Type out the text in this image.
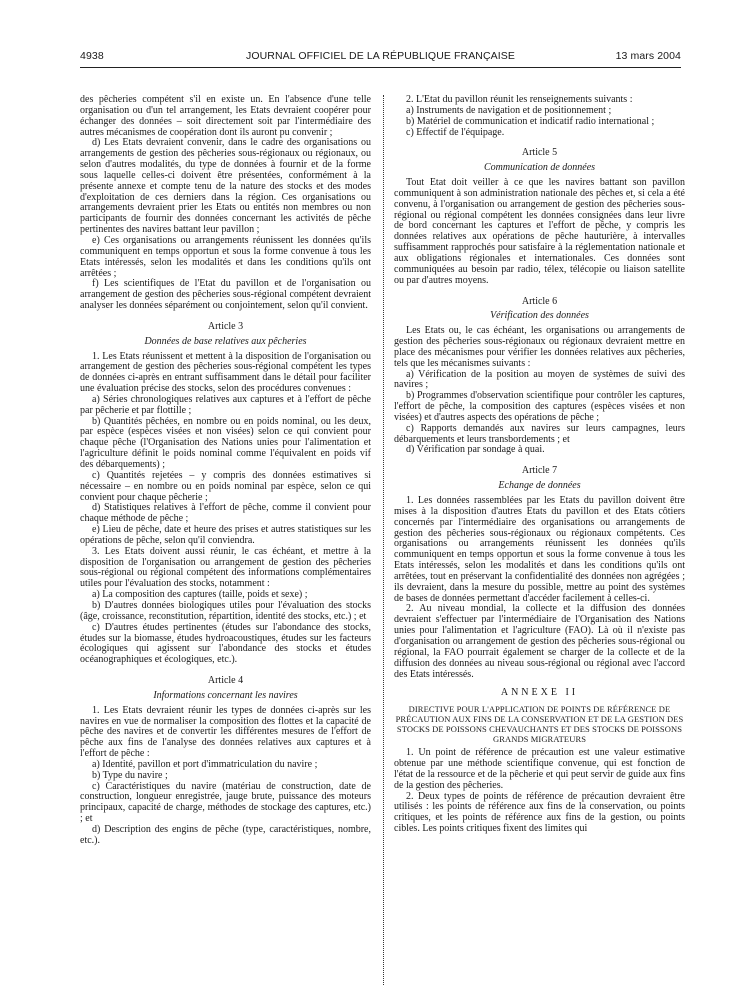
4938	JOURNAL OFFICIEL DE LA RÉPUBLIQUE FRANÇAISE	13 mars 2004

des pêcheries compétent s'il en existe un. En l'absence d'une telle organisation ou d'un tel arrangement, les Etats devraient coopérer pour échanger des données – soit directement soit par l'intermédiaire des autres mécanismes de coopération dont ils auront pu convenir ;

d) Les Etats devraient convenir, dans le cadre des organisations ou arrangements de gestion des pêcheries sous-régionaux ou régionaux, ou selon d'autres modalités, du type de données à fournir et de la forme sous laquelle celles-ci doivent être présentées, conformément à la présente annexe et compte tenu de la nature des stocks et des modes d'exploitation de ces derniers dans la région. Ces organisations ou arrangements devraient prier les Etats ou entités non membres ou non participants de fournir des données concernant les activités de pêche pertinentes des navires battant leur pavillon ;

e) Ces organisations ou arrangements réunissent les données qu'ils communiquent en temps opportun et sous la forme convenue à tous les Etats intéressés, selon les modalités et dans les conditions qu'ils ont arrêtées ;

f) Les scientifiques de l'Etat du pavillon et de l'organisation ou arrangement de gestion des pêcheries sous-régional compétent devraient analyser les données séparément ou conjointement, selon qu'il convient.

Article 3

Données de base relatives aux pêcheries

1. Les Etats réunissent et mettent à la disposition de l'organisation ou arrangement de gestion des pêcheries sous-régional compétent les types de données ci-après en entrant suffisamment dans le détail pour faciliter une évaluation précise des stocks, selon des procédures convenues :

a) Séries chronologiques relatives aux captures et à l'effort de pêche par pêcherie et par flottille ;

b) Quantités pêchées, en nombre ou en poids nominal, ou les deux, par espèce (espèces visées et non visées) selon ce qui convient pour chaque pêche (l'Organisation des Nations unies pour l'alimentation et l'agriculture définit le poids nominal comme l'équivalent en poids vif des débarquements) ;

c) Quantités rejetées – y compris des données estimatives si nécessaire – en nombre ou en poids nominal par espèce, selon ce qui convient pour chaque pêcherie ;

d) Statistiques relatives à l'effort de pêche, comme il convient pour chaque méthode de pêche ;

e) Lieu de pêche, date et heure des prises et autres statistiques sur les opérations de pêche, selon qu'il conviendra.

3. Les Etats doivent aussi réunir, le cas échéant, et mettre à la disposition de l'organisation ou arrangement de gestion des pêcheries sous-régional ou régional compétent des informations complémentaires utiles pour l'évaluation des stocks, notamment :

a) La composition des captures (taille, poids et sexe) ;

b) D'autres données biologiques utiles pour l'évaluation des stocks (âge, croissance, reconstitution, répartition, identité des stocks, etc.) ; et

c) D'autres études pertinentes (études sur l'abondance des stocks, études sur la biomasse, études hydroacoustiques, études sur les facteurs écologiques qui agissent sur l'abondance des stocks et études océanographiques et écologiques, etc.).

Article 4

Informations concernant les navires

1. Les Etats devraient réunir les types de données ci-après sur les navires en vue de normaliser la composition des flottes et la capacité de pêche des navires et de convertir les différentes mesures de l'effort de pêche aux fins de l'analyse des données relatives aux captures et à l'effort de pêche :

a) Identité, pavillon et port d'immatriculation du navire ;

b) Type du navire ;

c) Caractéristiques du navire (matériau de construction, date de construction, longueur enregistrée, jauge brute, puissance des moteurs principaux, capacité de charge, méthodes de stockage des captures, etc.) ; et

d) Description des engins de pêche (type, caractéristiques, nombre, etc.).

2. L'Etat du pavillon réunit les renseignements suivants :

a) Instruments de navigation et de positionnement ;

b) Matériel de communication et indicatif radio international ;

c) Effectif de l'équipage.

Article 5

Communication de données

Tout Etat doit veiller à ce que les navires battant son pavillon communiquent à son administration nationale des pêches et, si cela a été convenu, à l'organisation ou arrangement de gestion des pêcheries sous-régional ou régional compétent les données consignées dans leur livre de bord concernant les captures et l'effort de pêche, y compris les données relatives aux opérations de pêche hauturière, à intervalles suffisamment rapprochés pour satisfaire à la réglementation nationale et aux obligations régionales et internationales. Ces données sont communiquées au besoin par radio, télex, télécopie ou liaison satellite ou par d'autres moyens.

Article 6

Vérification des données

Les Etats ou, le cas échéant, les organisations ou arrangements de gestion des pêcheries sous-régionaux ou régionaux devraient mettre en place des mécanismes pour vérifier les données relatives aux pêcheries, tels que les mécanismes suivants :

a) Vérification de la position au moyen de systèmes de suivi des navires ;

b) Programmes d'observation scientifique pour contrôler les captures, l'effort de pêche, la composition des captures (espèces visées et non visées) et d'autres aspects des opérations de pêche ;

c) Rapports demandés aux navires sur leurs campagnes, leurs débarquements et leurs transbordements ; et

d) Vérification par sondage à quai.

Article 7

Echange de données

1. Les données rassemblées par les Etats du pavillon doivent être mises à la disposition d'autres Etats du pavillon et des Etats côtiers concernés par l'intermédiaire des organisations ou arrangements de gestion des pêcheries sous-régionaux ou régionaux compétents. Ces organisations ou arrangements réunissent les données qu'ils communiquent en temps opportun et sous la forme convenue à tous les Etats intéressés, selon les modalités et dans les conditions qu'ils ont arrêtées, tout en préservant la confidentialité des données non agrégées ; ils devraient, dans la mesure du possible, mettre au point des systèmes de bases de données permettant d'accéder facilement à celles-ci.

2. Au niveau mondial, la collecte et la diffusion des données devraient s'effectuer par l'intermédiaire de l'Organisation des Nations unies pour l'alimentation et l'agriculture (FAO). Là où il n'existe pas d'organisation ou arrangement de gestion des pêcheries sous-régional ou régional, la FAO pourrait également se charger de la collecte et de la diffusion des données au niveau sous-régional ou régional avec l'accord des Etats intéressés.

ANNEXE II

DIRECTIVE POUR L'APPLICATION DE POINTS DE RÉFÉRENCE DE PRÉCAUTION AUX FINS DE LA CONSERVATION ET DE LA GESTION DES STOCKS DE POISSONS CHEVAUCHANTS ET DES STOCKS DE POISSONS GRANDS MIGRATEURS

1. Un point de référence de précaution est une valeur estimative obtenue par une méthode scientifique convenue, qui est fonction de l'état de la ressource et de la pêcherie et qui peut servir de guide aux fins de la gestion des pêcheries.

2. Deux types de points de référence de précaution devraient être utilisés : les points de référence aux fins de la conservation, ou points critiques, et les points de référence aux fins de la gestion, ou points cibles. Les points critiques fixent des limites qui
